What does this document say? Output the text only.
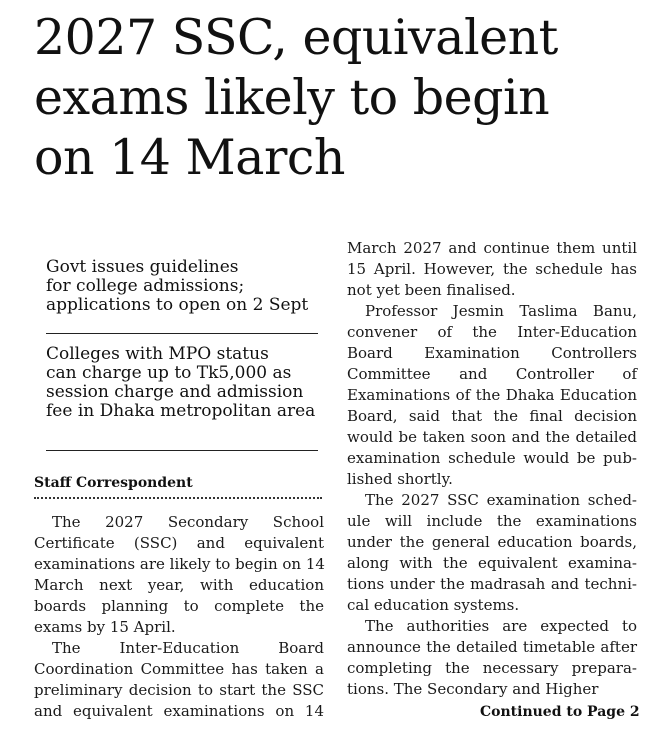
2027 SSC, equivalent
exams likely to begin
on 14 March
Govt issues guidelines
for college admissions;
applications to open on 2 Sept
Colleges with MPO status
can charge up to Tk5,000 as
session charge and admission
fee in Dhaka metropolitan area
Staff Correspondent
The 2027 Secondary School
Certificate (SSC) and equivalent
examinations are likely to begin on 14
March next year, with education
boards planning to complete the
exams by 15 April.
The Inter-Education Board
Coordination Committee has taken a
preliminary decision to start the SSC
and equivalent examinations on 14
March 2027 and continue them until
15 April. However, the schedule has
not yet been finalised.
Professor Jesmin Taslima Banu,
convener of the Inter-Education
Board Examination Controllers
Committee and Controller of
Examinations of the Dhaka Education
Board, said that the final decision
would be taken soon and the detailed
examination schedule would be pub-
lished shortly.
The 2027 SSC examination sched-
ule will include the examinations
under the general education boards,
along with the equivalent examina-
tions under the madrasah and techni-
cal education systems.
The authorities are expected to
announce the detailed timetable after
completing the necessary prepara-
tions. The Secondary and Higher
Continued to Page 2
